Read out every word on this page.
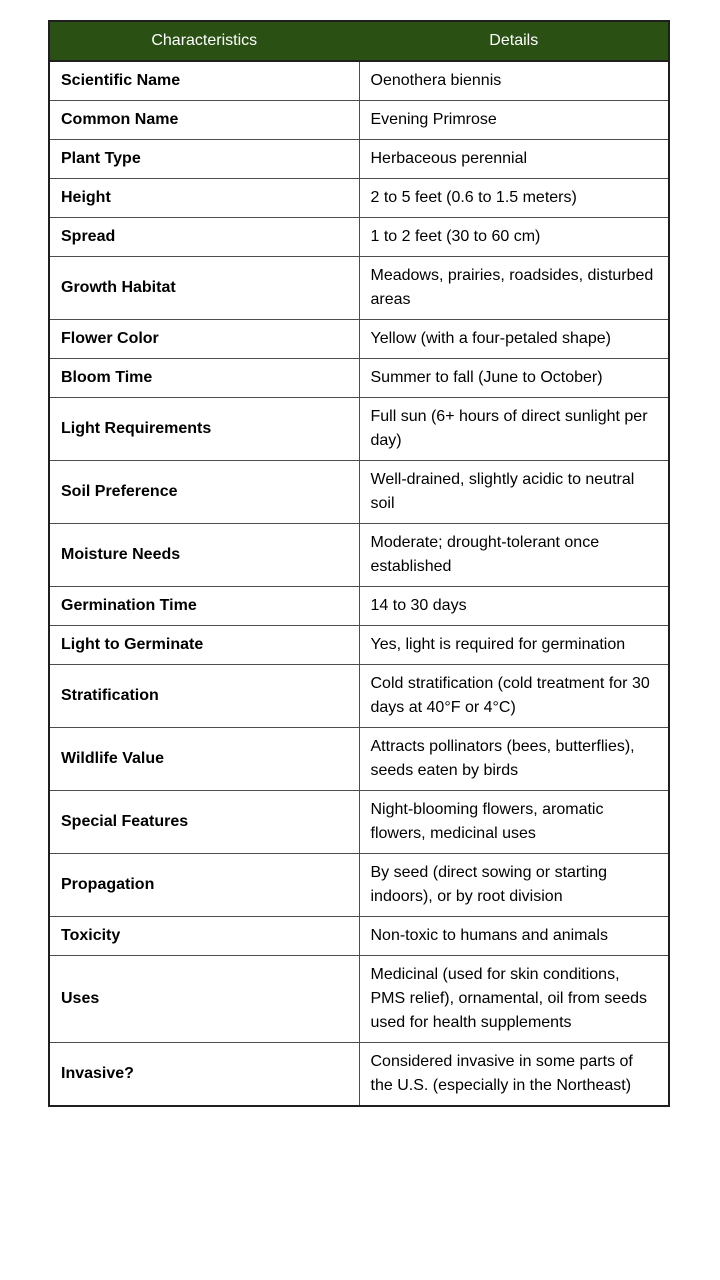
Characteristics	Details
Scientific Name	Oenothera biennis
Common Name	Evening Primrose
Plant Type	Herbaceous perennial
Height	2 to 5 feet (0.6 to 1.5 meters)
Spread	1 to 2 feet (30 to 60 cm)
Growth Habitat	Meadows, prairies, roadsides, disturbed areas
Flower Color	Yellow (with a four-petaled shape)
Bloom Time	Summer to fall (June to October)
Light Requirements	Full sun (6+ hours of direct sunlight per day)
Soil Preference	Well-drained, slightly acidic to neutral soil
Moisture Needs	Moderate; drought-tolerant once established
Germination Time	14 to 30 days
Light to Germinate	Yes, light is required for germination
Stratification	Cold stratification (cold treatment for 30 days at 40°F or 4°C)
Wildlife Value	Attracts pollinators (bees, butterflies), seeds eaten by birds
Special Features	Night-blooming flowers, aromatic flowers, medicinal uses
Propagation	By seed (direct sowing or starting indoors), or by root division
Toxicity	Non-toxic to humans and animals
Uses	Medicinal (used for skin conditions, PMS relief), ornamental, oil from seeds used for health supplements
Invasive?	Considered invasive in some parts of the U.S. (especially in the Northeast)
